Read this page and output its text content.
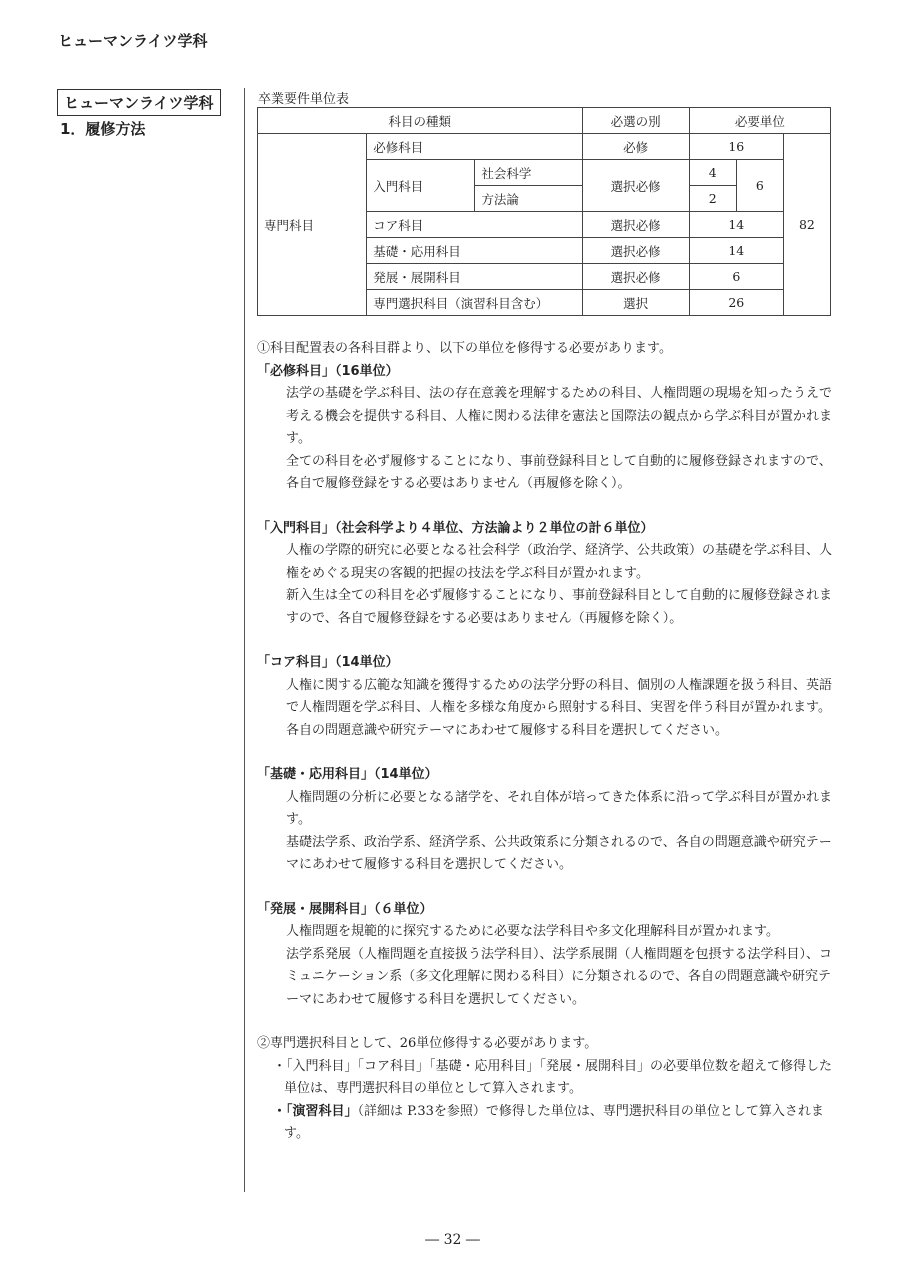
ヒューマンライツ学科
ヒューマンライツ学科
1．履修方法
卒業要件単位表
科目の種類			必選の別	必要単位		
専門科目	必修科目		必修	16		82
	入門科目	社会科学	選択必修	4	6	
		方法論		2		
	コア科目		選択必修	14		
	基礎・応用科目		選択必修	14		
	発展・展開科目		選択必修	6		
	専門選択科目（演習科目含む）		選択	26		

①科目配置表の各科目群より、以下の単位を修得する必要があります。

「必修科目」（16単位）

法学の基礎を学ぶ科目、法の存在意義を理解するための科目、人権問題の現場を知ったうえで考える機会を提供する科目、人権に関わる法律を憲法と国際法の観点から学ぶ科目が置かれます。

全ての科目を必ず履修することになり、事前登録科目として自動的に履修登録されますので、各自で履修登録をする必要はありません（再履修を除く）。

「入門科目」（社会科学より４単位、方法論より２単位の計６単位）

人権の学際的研究に必要となる社会科学（政治学、経済学、公共政策）の基礎を学ぶ科目、人権をめぐる現実の客観的把握の技法を学ぶ科目が置かれます。

新入生は全ての科目を必ず履修することになり、事前登録科目として自動的に履修登録されますので、各自で履修登録をする必要はありません（再履修を除く）。

「コア科目」（14単位）

人権に関する広範な知識を獲得するための法学分野の科目、個別の人権課題を扱う科目、英語で人権問題を学ぶ科目、人権を多様な角度から照射する科目、実習を伴う科目が置かれます。

各自の問題意識や研究テーマにあわせて履修する科目を選択してください。

「基礎・応用科目」（14単位）

人権問題の分析に必要となる諸学を、それ自体が培ってきた体系に沿って学ぶ科目が置かれます。

基礎法学系、政治学系、経済学系、公共政策系に分類されるので、各自の問題意識や研究テーマにあわせて履修する科目を選択してください。

「発展・展開科目」（６単位）

人権問題を規範的に探究するために必要な法学科目や多文化理解科目が置かれます。

法学系発展（人権問題を直接扱う法学科目）、法学系展開（人権問題を包摂する法学科目）、コミュニケーション系（多文化理解に関わる科目）に分類されるので、各自の問題意識や研究テーマにあわせて履修する科目を選択してください。

②専門選択科目として、26単位修得する必要があります。

・「入門科目」「コア科目」「基礎・応用科目」「発展・展開科目」の必要単位数を超えて修得した単位は、専門選択科目の単位として算入されます。

・「演習科目」（詳細は P.33を参照）で修得した単位は、専門選択科目の単位として算入されます。

― 32 ―
